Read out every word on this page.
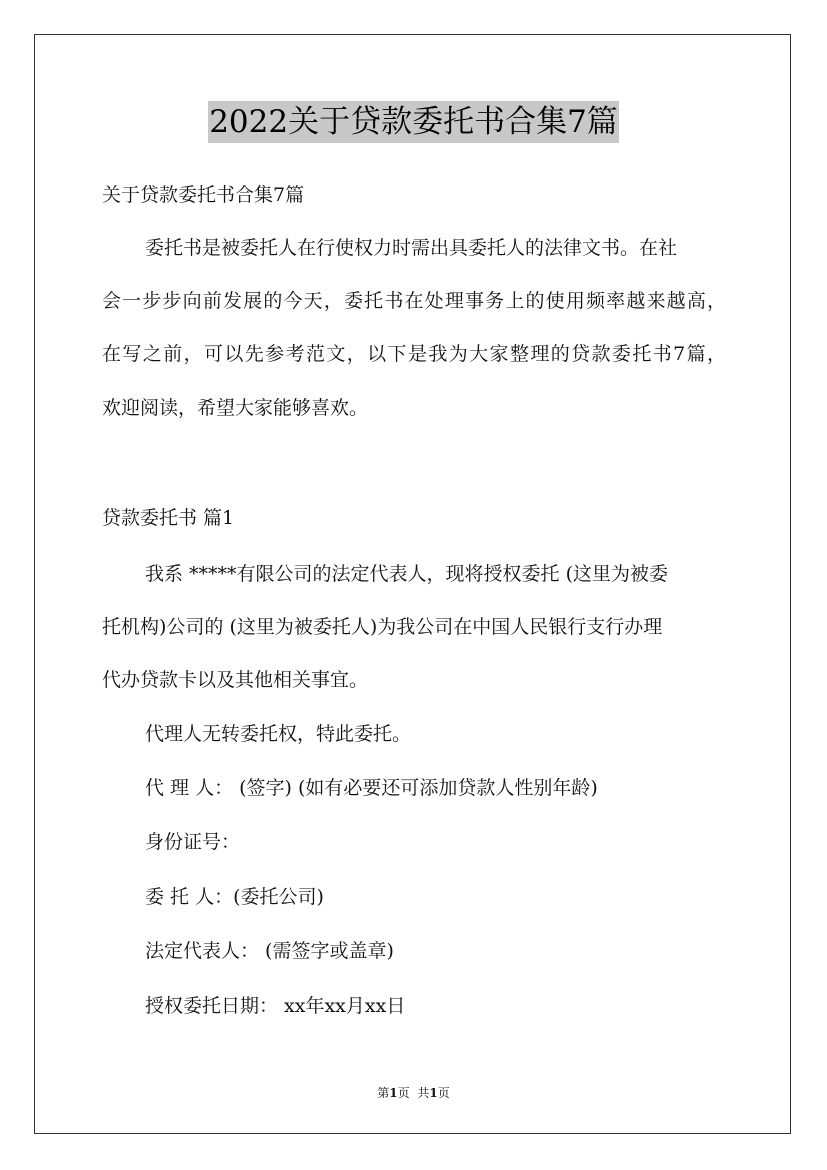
2022关于贷款委托书合集7篇
关于贷款委托书合集7篇
委托书是被委托人在行使权力时需出具委托人的法律文书。在社
会一步步向前发展的今天，委托书在处理事务上的使用频率越来越高，
在写之前，可以先参考范文，以下是我为大家整理的贷款委托书7篇，
欢迎阅读，希望大家能够喜欢。
贷款委托书 篇1
我系 *****有限公司的法定代表人，现将授权委托 (这里为被委
托机构)公司的 (这里为被委托人)为我公司在中国人民银行支行办理
代办贷款卡以及其他相关事宜。
代理人无转委托权，特此委托。
代 理 人： (签字) (如有必要还可添加贷款人性别年龄)
身份证号：
委 托 人：(委托公司)
法定代表人： (需签字或盖章)
授权委托日期： xx年xx月xx日
第1页 共1页
